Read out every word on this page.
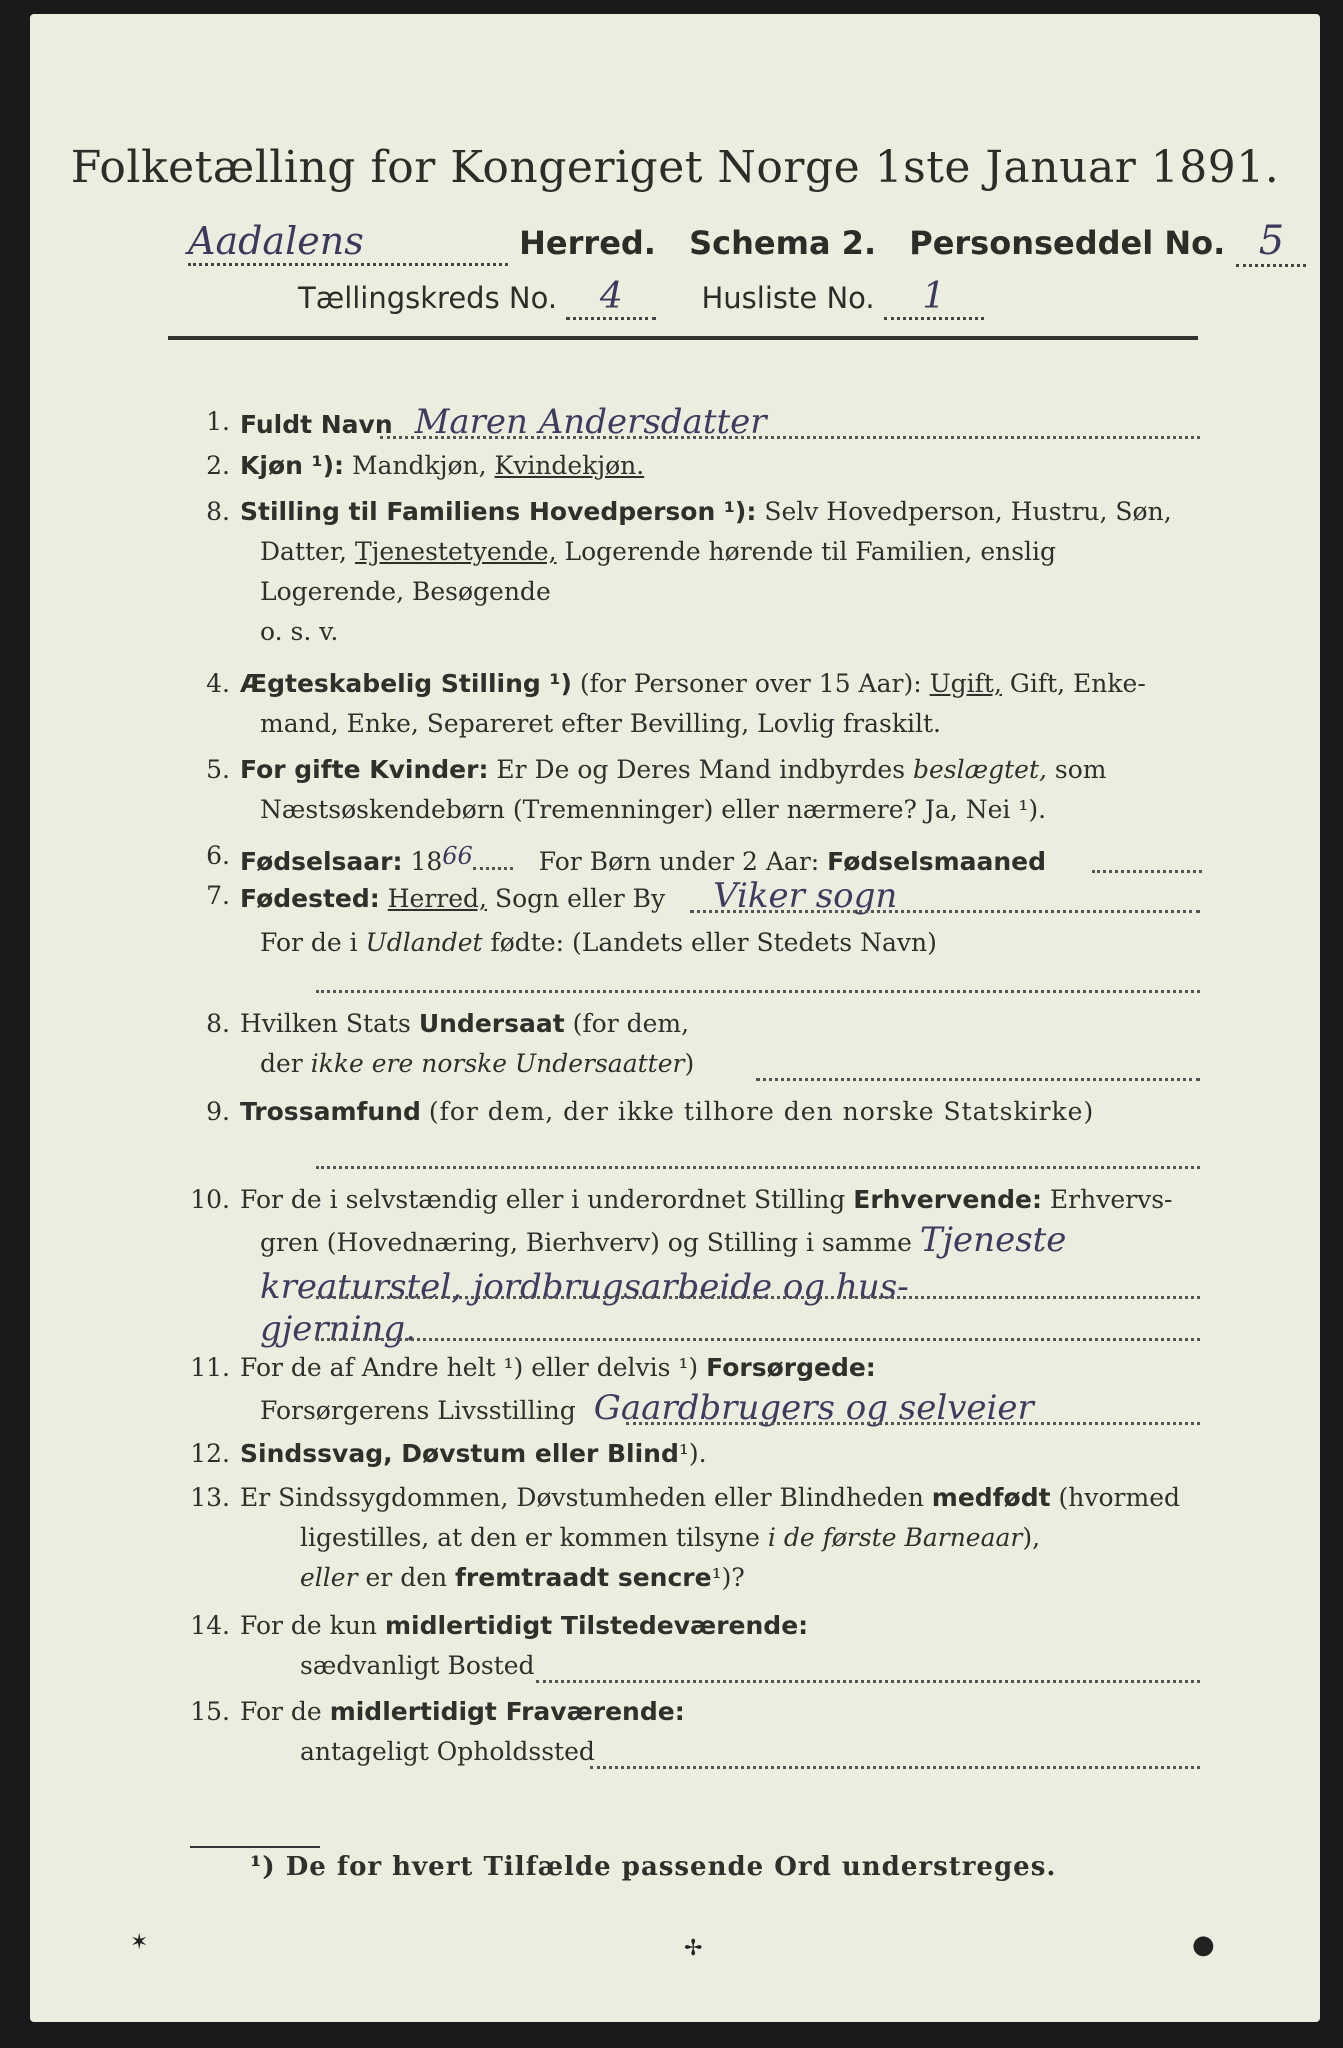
Folketælling for Kongeriget Norge 1ste Januar 1891.
Aadalens	Herred. Schema 2. Personseddel No. 5
Tællingskreds No. 4	Husliste No. 1
1. Fuldt Navn Maren Andersdatter
2. Kjøn ¹): Mandkjøn, Kvindekjøn.
8. Stilling til Familiens Hovedperson ¹): Selv Hovedperson, Hustru, Søn,
Datter, Tjenestetyende, Logerende hørende til Familien, enslig
Logerende, Besøgende
o. s. v.
4. Ægteskabelig Stilling ¹) (for Personer over 15 Aar): Ugift, Gift, Enke-
mand, Enke, Separeret efter Bevilling, Lovlig fraskilt.
5. For gifte Kvinder: Er De og Deres Mand indbyrdes beslægtet, som
Næstsøskendebørn (Tremenninger) eller nærmere? Ja, Nei ¹).
6. Fødselsaar: 1866	For Børn under 2 Aar: Fødselsmaaned
7. Fødested: Herred, Sogn eller By Viker sogn
For de i Udlandet fødte: (Landets eller Stedets Navn)
8. Hvilken Stats Undersaat (for dem,
der ikke ere norske Undersaatter)
9. Trossamfund (for dem, der ikke tilhore den norske Statskirke)
10. For de i selvstændig eller i underordnet Stilling Erhvervende: Erhvervs-
gren (Hovednæring, Bierhverv) og Stilling i samme Tjeneste
kreaturstel, jordbrugsarbeide og hus-
gjerning.
11. For de af Andre helt ¹) eller delvis ¹) Forsørgede:
Forsørgerens Livsstilling Gaardbrugers og selveier
12. Sindssvag, Døvstum eller Blind¹).
13. Er Sindssygdommen, Døvstumheden eller Blindheden medfødt (hvormed
ligestilles, at den er kommen tilsyne i de første Barneaar),
eller er den fremtraadt sencre¹)?
14. For de kun midlertidigt Tilstedeværende:
sædvanligt Bosted
15. For de midlertidigt Fraværende:
antageligt Opholdssted
¹) De for hvert Tilfælde passende Ord understreges.
✶	✢	●
